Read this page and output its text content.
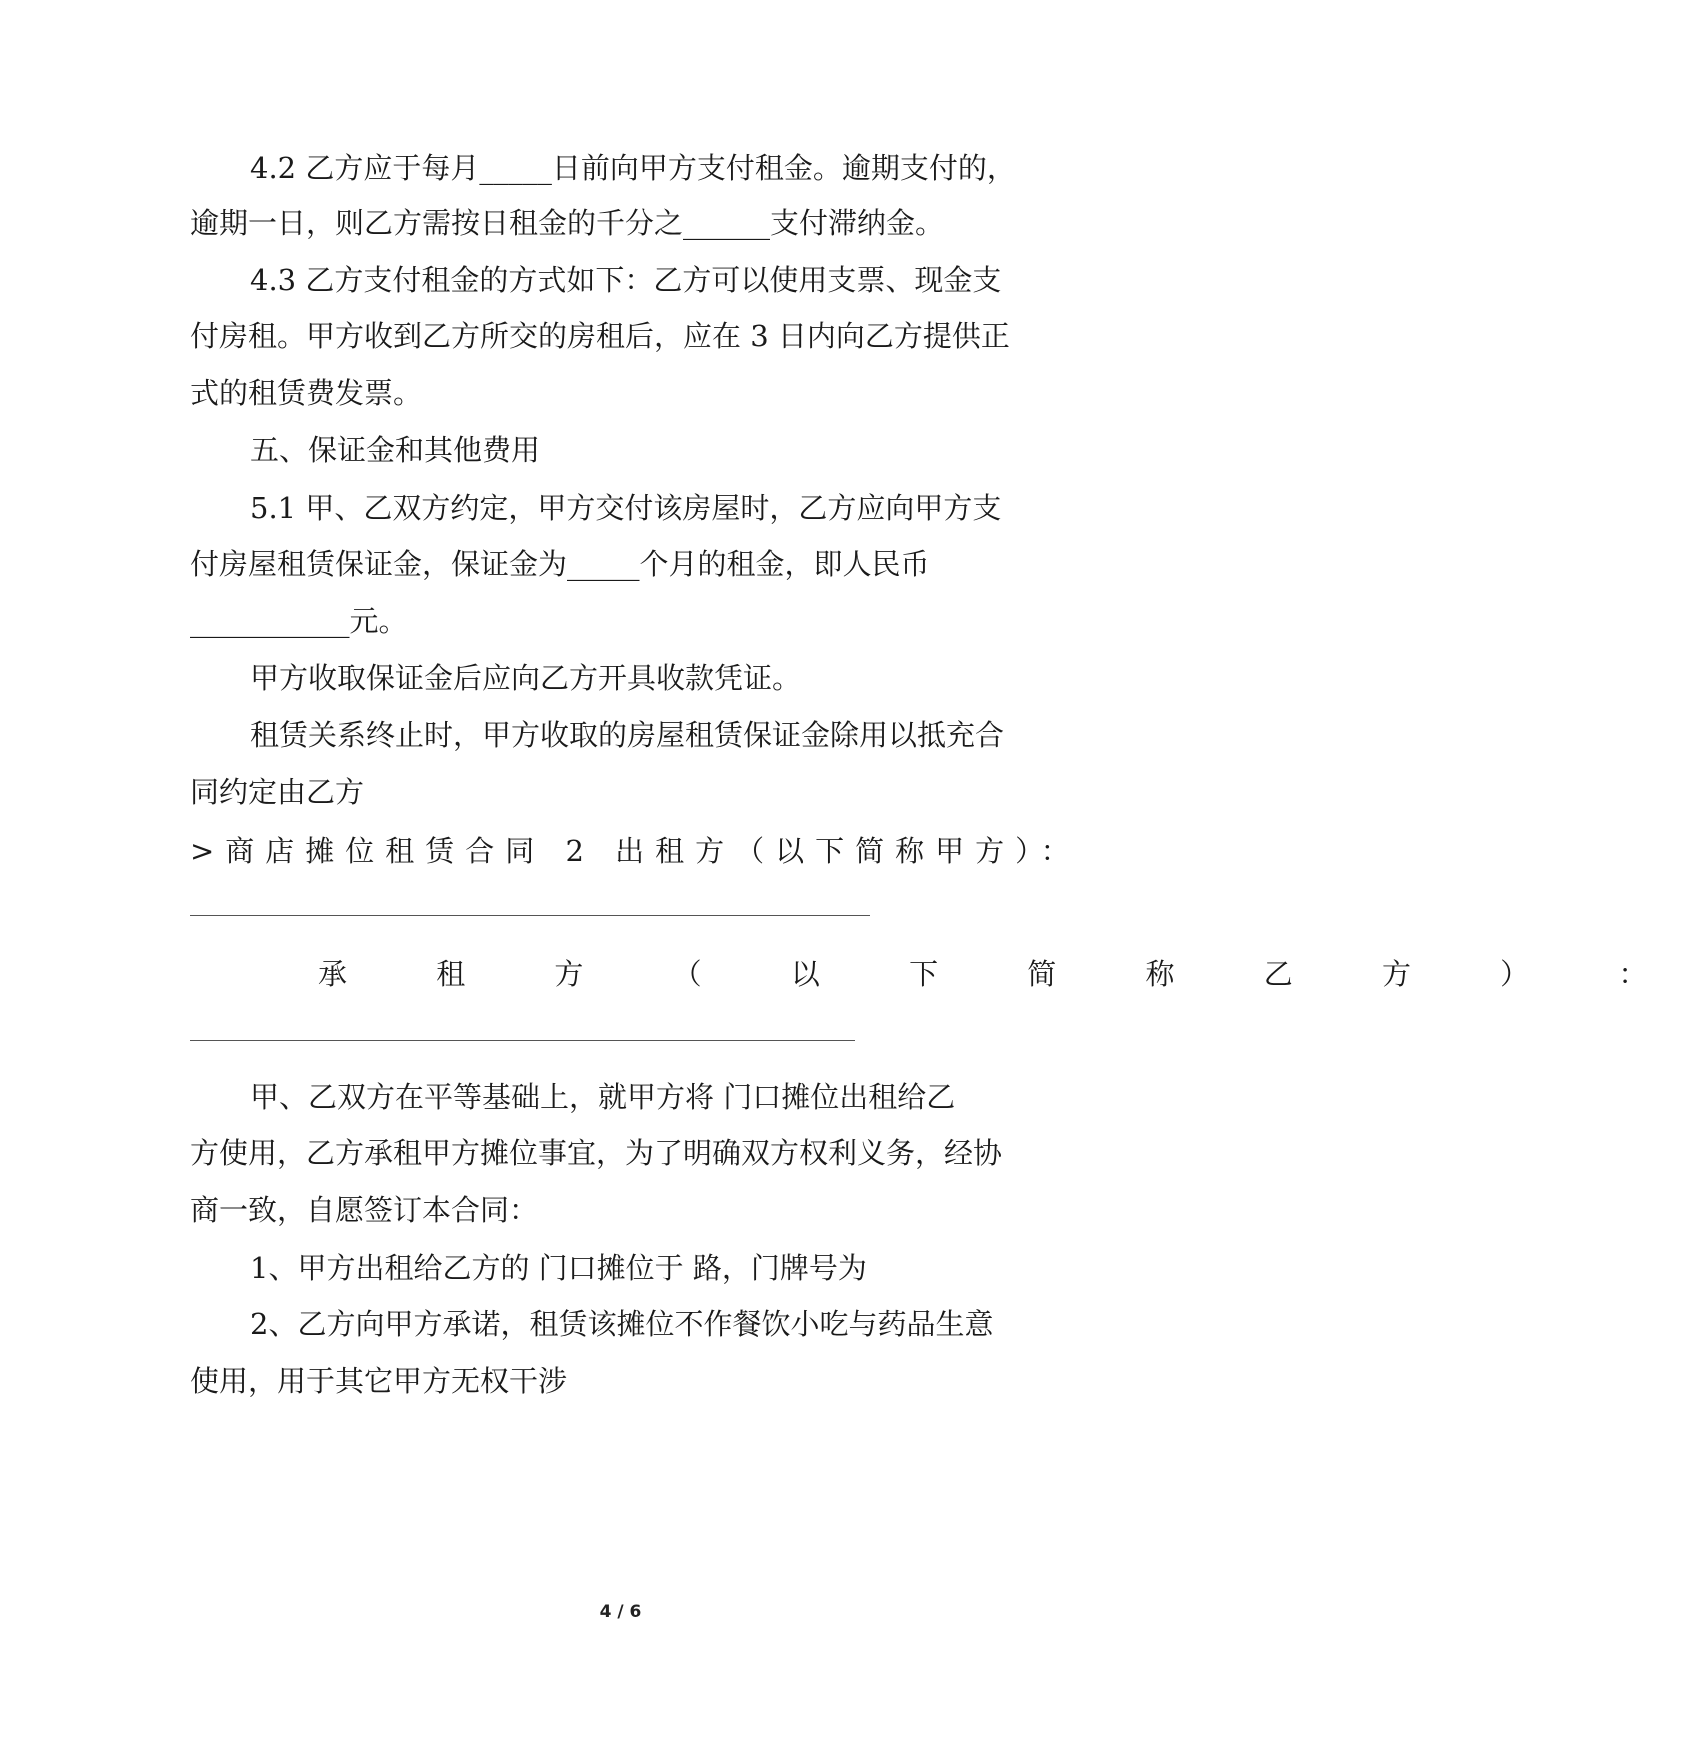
4.2 乙方应于每月_____日前向甲方支付租金。逾期支付的，
逾期一日，则乙方需按日租金的千分之______支付滞纳金。
4.3 乙方支付租金的方式如下：乙方可以使用支票、现金支
付房租。甲方收到乙方所交的房租后，应在 3 日内向乙方提供正
式的租赁费发票。
五、保证金和其他费用
5.1 甲、乙双方约定，甲方交付该房屋时，乙方应向甲方支
付房屋租赁保证金，保证金为_____个月的租金，即人民币
___________元。
甲方收取保证金后应向乙方开具收款凭证。
租赁关系终止时，甲方收取的房屋租赁保证金除用以抵充合
同约定由乙方
>商店摊位租赁合同 2 出租方（以下简称甲方）：
承 租 方 （ 以 下 简 称 乙 方 ） ：
甲、乙双方在平等基础上，就甲方将 门口摊位出租给乙
方使用，乙方承租甲方摊位事宜，为了明确双方权利义务，经协
商一致，自愿签订本合同：
1、甲方出租给乙方的 门口摊位于 路，门牌号为
2、乙方向甲方承诺，租赁该摊位不作餐饮小吃与药品生意
使用，用于其它甲方无权干涉
4 / 6
